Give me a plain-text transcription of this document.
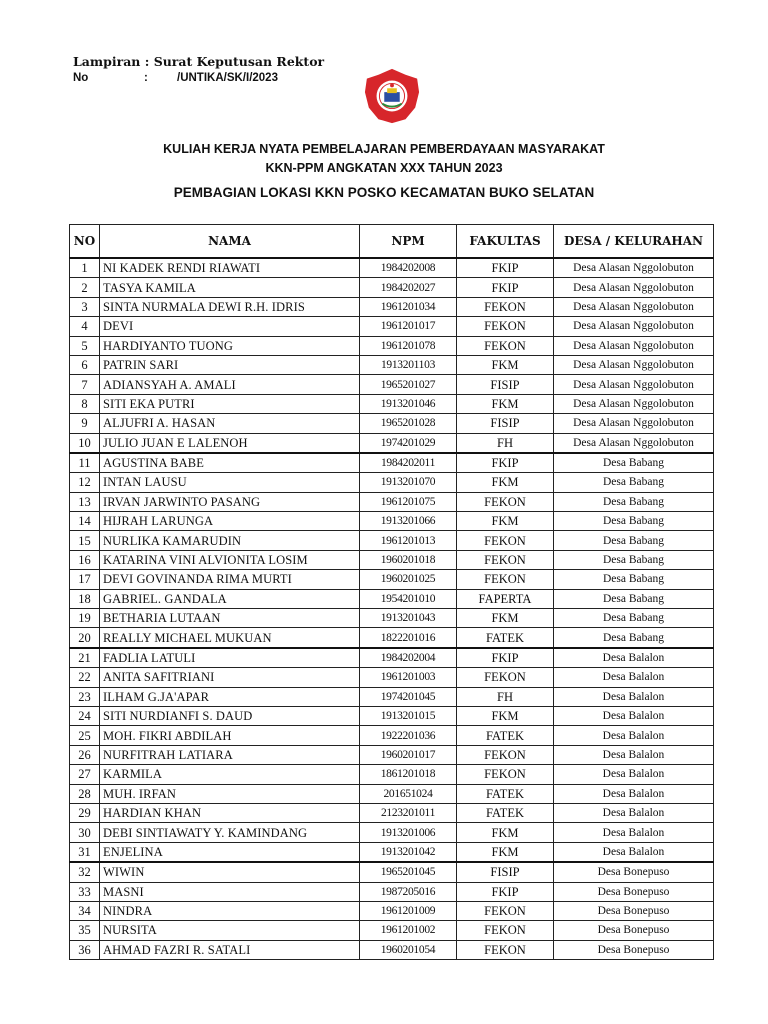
Lampiran : Surat Keputusan Rektor
No	:	/UNTIKA/SK/I/2023
KULIAH KERJA NYATA PEMBELAJARAN PEMBERDAYAAN MASYARAKAT
KKN-PPM ANGKATAN XXX TAHUN 2023
PEMBAGIAN LOKASI KKN POSKO KECAMATAN BUKO SELATAN
NO	NAMA	NPM	FAKULTAS	DESA / KELURAHAN
1	NI KADEK RENDI RIAWATI	1984202008	FKIP	Desa Alasan Nggolobuton
2	TASYA KAMILA	1984202027	FKIP	Desa Alasan Nggolobuton
3	SINTA NURMALA DEWI R.H. IDRIS	1961201034	FEKON	Desa Alasan Nggolobuton
4	DEVI	1961201017	FEKON	Desa Alasan Nggolobuton
5	HARDIYANTO TUONG	1961201078	FEKON	Desa Alasan Nggolobuton
6	PATRIN SARI	1913201103	FKM	Desa Alasan Nggolobuton
7	ADIANSYAH A. AMALI	1965201027	FISIP	Desa Alasan Nggolobuton
8	SITI EKA PUTRI	1913201046	FKM	Desa Alasan Nggolobuton
9	ALJUFRI A. HASAN	1965201028	FISIP	Desa Alasan Nggolobuton
10	JULIO JUAN E LALENOH	1974201029	FH	Desa Alasan Nggolobuton
11	AGUSTINA BABE	1984202011	FKIP	Desa Babang
12	INTAN LAUSU	1913201070	FKM	Desa Babang
13	IRVAN JARWINTO PASANG	1961201075	FEKON	Desa Babang
14	HIJRAH LARUNGA	1913201066	FKM	Desa Babang
15	NURLIKA KAMARUDIN	1961201013	FEKON	Desa Babang
16	KATARINA VINI ALVIONITA LOSIM	1960201018	FEKON	Desa Babang
17	DEVI GOVINANDA RIMA MURTI	1960201025	FEKON	Desa Babang
18	GABRIEL. GANDALA	1954201010	FAPERTA	Desa Babang
19	BETHARIA LUTAAN	1913201043	FKM	Desa Babang
20	REALLY MICHAEL MUKUAN	1822201016	FATEK	Desa Babang
21	FADLIA LATULI	1984202004	FKIP	Desa Balalon
22	ANITA SAFITRIANI	1961201003	FEKON	Desa Balalon
23	ILHAM G.JA'APAR	1974201045	FH	Desa Balalon
24	SITI NURDIANFI S. DAUD	1913201015	FKM	Desa Balalon
25	MOH. FIKRI ABDILAH	1922201036	FATEK	Desa Balalon
26	NURFITRAH LATIARA	1960201017	FEKON	Desa Balalon
27	KARMILA	1861201018	FEKON	Desa Balalon
28	MUH. IRFAN	201651024	FATEK	Desa Balalon
29	HARDIAN KHAN	2123201011	FATEK	Desa Balalon
30	DEBI SINTIAWATY Y. KAMINDANG	1913201006	FKM	Desa Balalon
31	ENJELINA	1913201042	FKM	Desa Balalon
32	WIWIN	1965201045	FISIP	Desa Bonepuso
33	MASNI	1987205016	FKIP	Desa Bonepuso
34	NINDRA	1961201009	FEKON	Desa Bonepuso
35	NURSITA	1961201002	FEKON	Desa Bonepuso
36	AHMAD FAZRI R. SATALI	1960201054	FEKON	Desa Bonepuso
